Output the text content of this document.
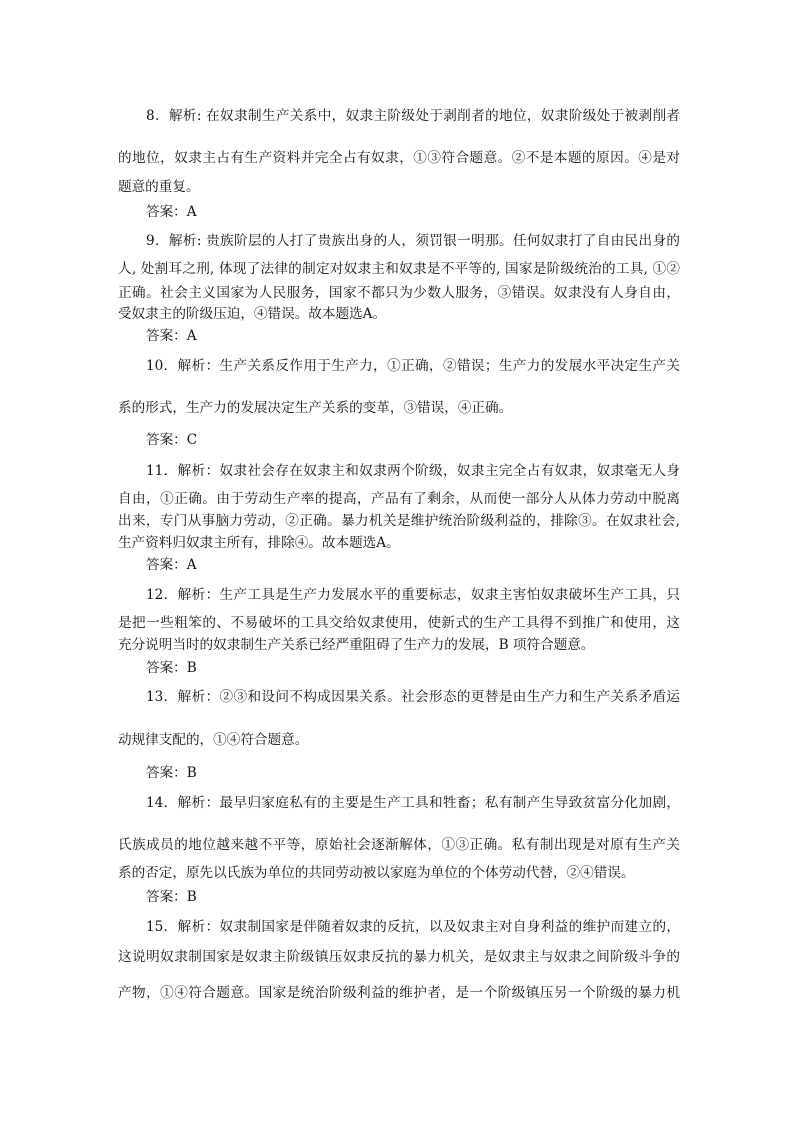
8．解析: 在奴隶制生产关系中，奴隶主阶级处于剥削者的地位，奴隶阶级处于被剥削者
的地位，奴隶主占有生产资料并完全占有奴隶，①③符合题意。②不是本题的原因。④是对
题意的重复。
答案：A
9．解析: 贵族阶层的人打了贵族出身的人，须罚银一明那。任何奴隶打了自由民出身的
人, 处割耳之刑, 体现了法律的制定对奴隶主和奴隶是不平等的, 国家是阶级统治的工具, ①②
正确。社会主义国家为人民服务，国家不都只为少数人服务，③错误。奴隶没有人身自由，
受奴隶主的阶级压迫，④错误。故本题选A。
答案：A
10．解析：生产关系反作用于生产力，①正确，②错误；生产力的发展水平决定生产关
系的形式，生产力的发展决定生产关系的变革，③错误，④正确。
答案：C
11．解析：奴隶社会存在奴隶主和奴隶两个阶级，奴隶主完全占有奴隶，奴隶毫无人身
自由，①正确。由于劳动生产率的提高，产品有了剩余，从而使一部分人从体力劳动中脱离
出来，专门从事脑力劳动，②正确。暴力机关是维护统治阶级利益的，排除③。在奴隶社会,
生产资料归奴隶主所有，排除④。故本题选A。
答案：A
12．解析：生产工具是生产力发展水平的重要标志，奴隶主害怕奴隶破坏生产工具，只
是把一些粗笨的、不易破坏的工具交给奴隶使用，使新式的生产工具得不到推广和使用，这
充分说明当时的奴隶制生产关系已经严重阻碍了生产力的发展，B 项符合题意。
答案：B
13．解析：②③和设问不构成因果关系。社会形态的更替是由生产力和生产关系矛盾运
动规律支配的，①④符合题意。
答案：B
14．解析：最早归家庭私有的主要是生产工具和牲畜；私有制产生导致贫富分化加剧，
氏族成员的地位越来越不平等，原始社会逐渐解体，①③正确。私有制出现是对原有生产关
系的否定，原先以氏族为单位的共同劳动被以家庭为单位的个体劳动代替，②④错误。
答案：B
15．解析：奴隶制国家是伴随着奴隶的反抗，以及奴隶主对自身利益的维护而建立的，
这说明奴隶制国家是奴隶主阶级镇压奴隶反抗的暴力机关，是奴隶主与奴隶之间阶级斗争的
产物，①④符合题意。国家是统治阶级利益的维护者，是一个阶级镇压另一个阶级的暴力机
